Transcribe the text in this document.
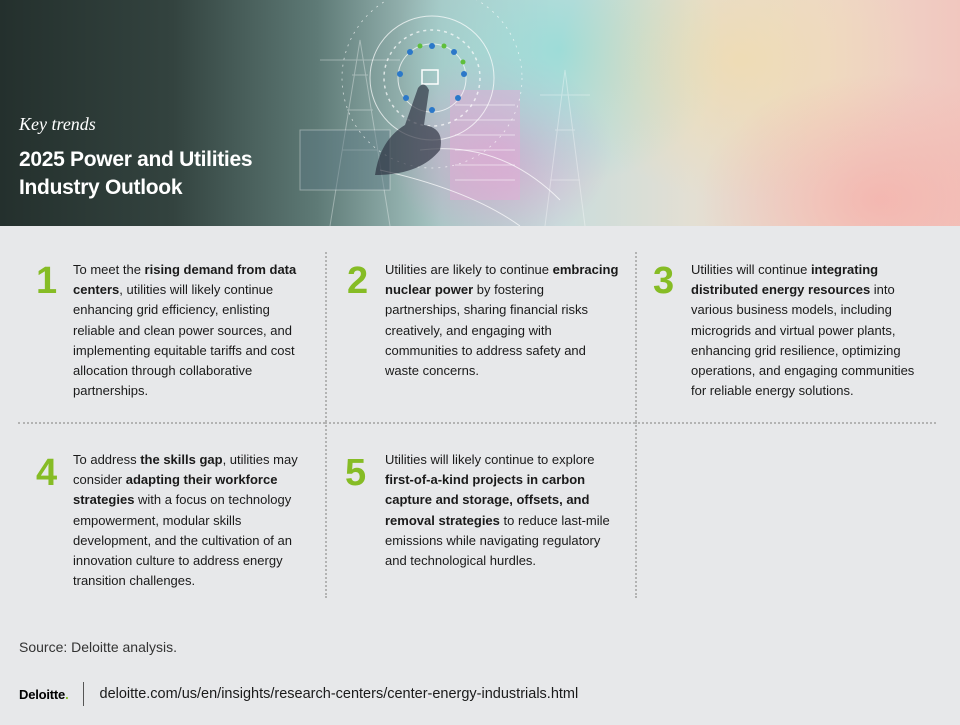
Key trends
2025 Power and Utilities
Industry Outlook
1 To meet the rising demand from data centers, utilities will likely continue enhancing grid efficiency, enlisting reliable and clean power sources, and implementing equitable tariffs and cost allocation through collaborative partnerships.
2 Utilities are likely to continue embracing nuclear power by fostering partnerships, sharing financial risks creatively, and engaging with communities to address safety and waste concerns.
3 Utilities will continue integrating distributed energy resources into various business models, including microgrids and virtual power plants, enhancing grid resilience, optimizing operations, and engaging communities for reliable energy solutions.
4 To address the skills gap, utilities may consider adapting their workforce strategies with a focus on technology empowerment, modular skills development, and the cultivation of an innovation culture to address energy transition challenges.
5 Utilities will likely continue to explore first-of-a-kind projects in carbon capture and storage, offsets, and removal strategies to reduce last-mile emissions while navigating regulatory and technological hurdles.
Source: Deloitte analysis.
Deloitte. deloitte.com/us/en/insights/research-centers/center-energy-industrials.html
